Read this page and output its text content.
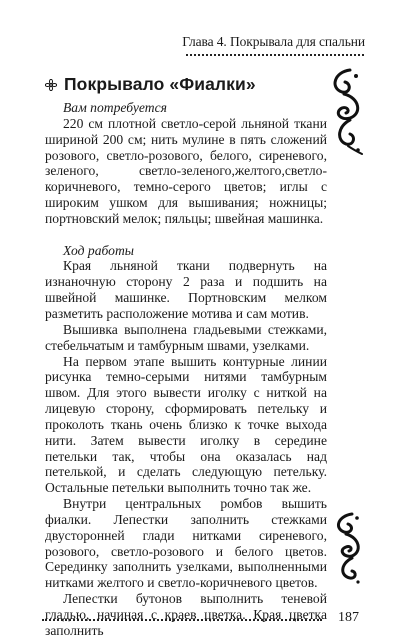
Глава 4. Покрывала для спальни
Покрывало «Фиалки»

Вам потребуется

220 см плотной светло-серой льняной ткани шириной 200 см; нить мулине в пять сложений розового, светло-розового, белого, сиреневого, зеленого, светло-зеленого,желтого,светло-коричневого, темно-серого цветов; иглы с широким ушком для вышивания; ножницы; портновский мелок; пяльцы; швейная машинка.

Ход работы

Края льняной ткани подвернуть на изнаночную сторону 2 раза и подшить на швейной машинке. Портновским мелком разметить расположение мотива и сам мотив.

Вышивка выполнена гладьевыми стежками, стебельчатым и тамбурным швами, узелками.

На первом этапе вышить контурные линии рисунка темно-серыми нитями тамбурным швом. Для этого вывести иголку с ниткой на лицевую сторону, сформировать петельку и проколоть ткань очень близко к точке выхода нити. Затем вывести иголку в середине петельки так, чтобы она оказалась над петелькой, и сделать следующую петельку. Остальные петельки выполнить точно так же.

Внутри центральных ромбов вышить фиалки. Лепестки заполнить стежками двусторонней глади нитками сиреневого, розового, светло-розового и белого цветов. Серединку заполнить узелками, выполненными нитками желтого и светло-коричневого цветов.

Лепестки бутонов выполнить теневой гладью, начиная с краев цветка. Края цветка заполнить

187
